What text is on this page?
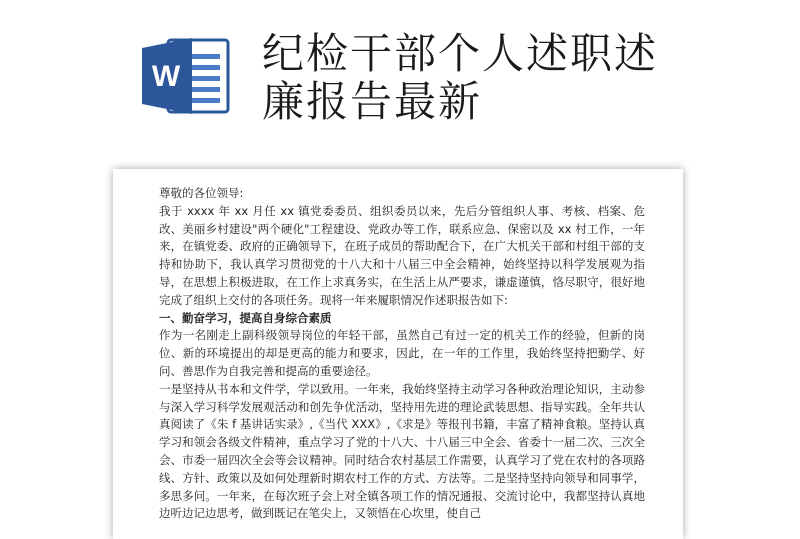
W 纪检干部个人述职述
廉报告最新

尊敬的各位领导:

我于 xxxx 年 xx 月任 xx 镇党委委员、组织委员以来，先后分管组织人事、考核、档案、危改、美丽乡村建设"两个硬化"工程建设、党政办等工作，联系应急、保密以及 xx 村工作，一年来，在镇党委、政府的正确领导下，在班子成员的帮助配合下，在广大机关干部和村组干部的支持和协助下，我认真学习贯彻党的十八大和十八届三中全会精神，始终坚持以科学发展观为指导，在思想上积极进取，在工作上求真务实，在生活上从严要求，谦虚谨慎，恪尽职守，很好地完成了组织上交付的各项任务。现将一年来履职情况作述职报告如下:

一、勤奋学习，提高自身综合素质

作为一名刚走上副科级领导岗位的年轻干部，虽然自己有过一定的机关工作的经验，但新的岗位、新的环境提出的却是更高的能力和要求，因此，在一年的工作里，我始终坚持把勤学、好问、善思作为自我完善和提高的重要途径。

一是坚持从书本和文件学，学以致用。一年来，我始终坚持主动学习各种政治理论知识，主动参与深入学习科学发展观活动和创先争优活动，坚持用先进的理论武装思想、指导实践。全年共认真阅读了《朱 f 基讲话实录》,《当代 XXX》,《求是》等报刊书籍，丰富了精神食粮。坚持认真学习和领会各级文件精神，重点学习了党的十八大、十八届三中全会、省委十一届二次、三次全会、市委一届四次全会等会议精神。同时结合农村基层工作需要，认真学习了党在农村的各项路线、方针、政策以及如何处理新时期农村工作的方式、方法等。二是坚持坚持向领导和同事学，多思多问。一年来，在每次班子会上对全镇各项工作的情况通报、交流讨论中，我都坚持认真地边听边记边思考，做到既记在笔尖上，又领悟在心坎里，使自己
